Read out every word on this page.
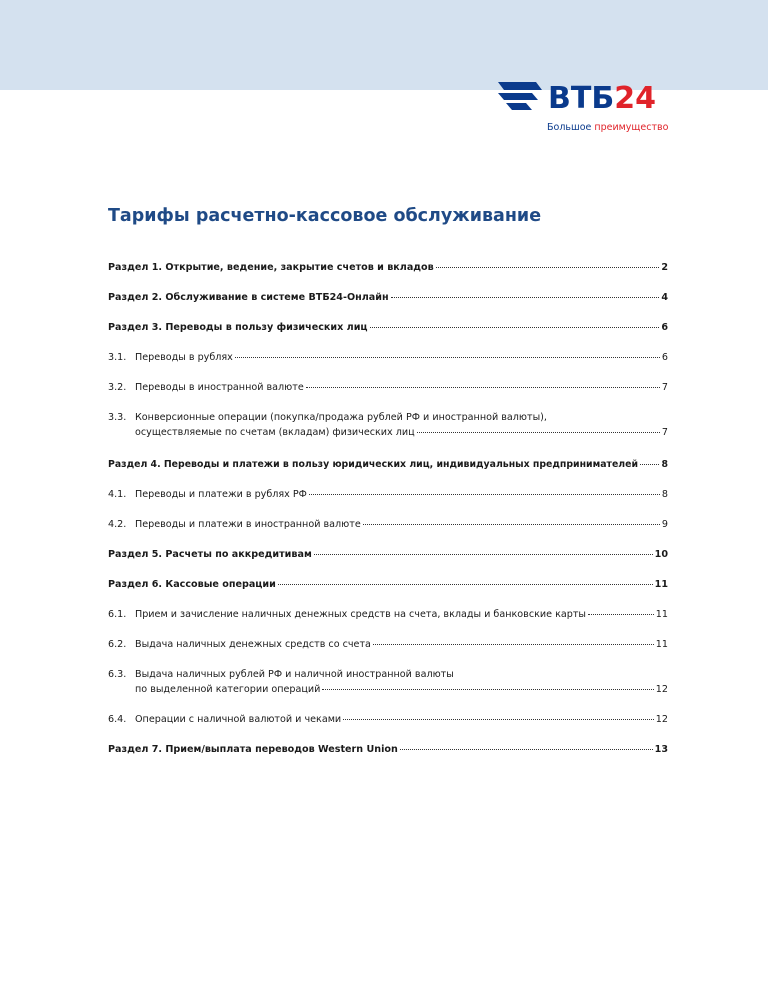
ВТБ24
Большое преимущество
Тарифы расчетно-кассовое обслуживание
Раздел 1. Открытие, ведение, закрытие счетов и вкладов	2
Раздел 2. Обслуживание в системе ВТБ24-Онлайн	4
Раздел 3. Переводы в пользу физических лиц	6
3.1. Переводы в рублях	6
3.2. Переводы в иностранной валюте	7
3.3. Конверсионные операции (покупка/продажа рублей РФ и иностранной валюты),
осуществляемые по счетам (вкладам) физических лиц	7
Раздел 4. Переводы и платежи в пользу юридических лиц, индивидуальных предпринимателей	8
4.1. Переводы и платежи в рублях РФ	8
4.2. Переводы и платежи в иностранной валюте	9
Раздел 5. Расчеты по аккредитивам	10
Раздел 6. Кассовые операции	11
6.1. Прием и зачисление наличных денежных средств на счета, вклады и банковские карты	11
6.2. Выдача наличных денежных средств со счета	11
6.3. Выдача наличных рублей РФ и наличной иностранной валюты
по выделенной категории операций	12
6.4. Операции с наличной валютой и чеками	12
Раздел 7. Прием/выплата переводов Western Union	13
